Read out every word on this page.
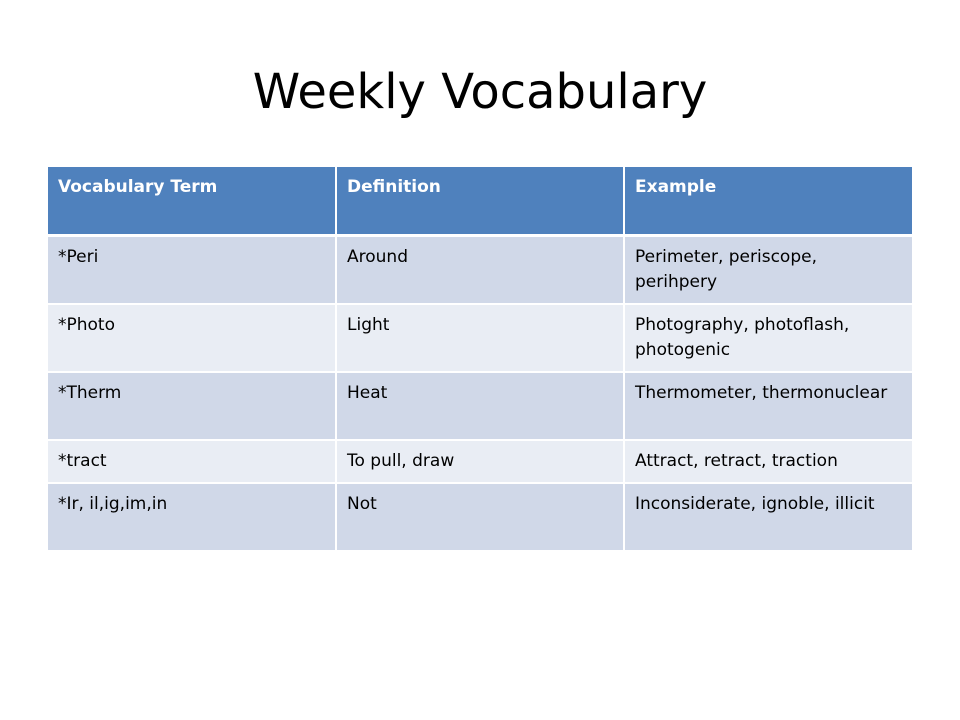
Weekly Vocabulary
Vocabulary Term	Definition	Example
*Peri	Around	Perimeter, periscope, perihpery
*Photo	Light	Photography, photoflash, photogenic
*Therm	Heat	Thermometer, thermonuclear
*tract	To pull, draw	Attract, retract, traction
*Ir, il,ig,im,in	Not	Inconsiderate, ignoble, illicit
